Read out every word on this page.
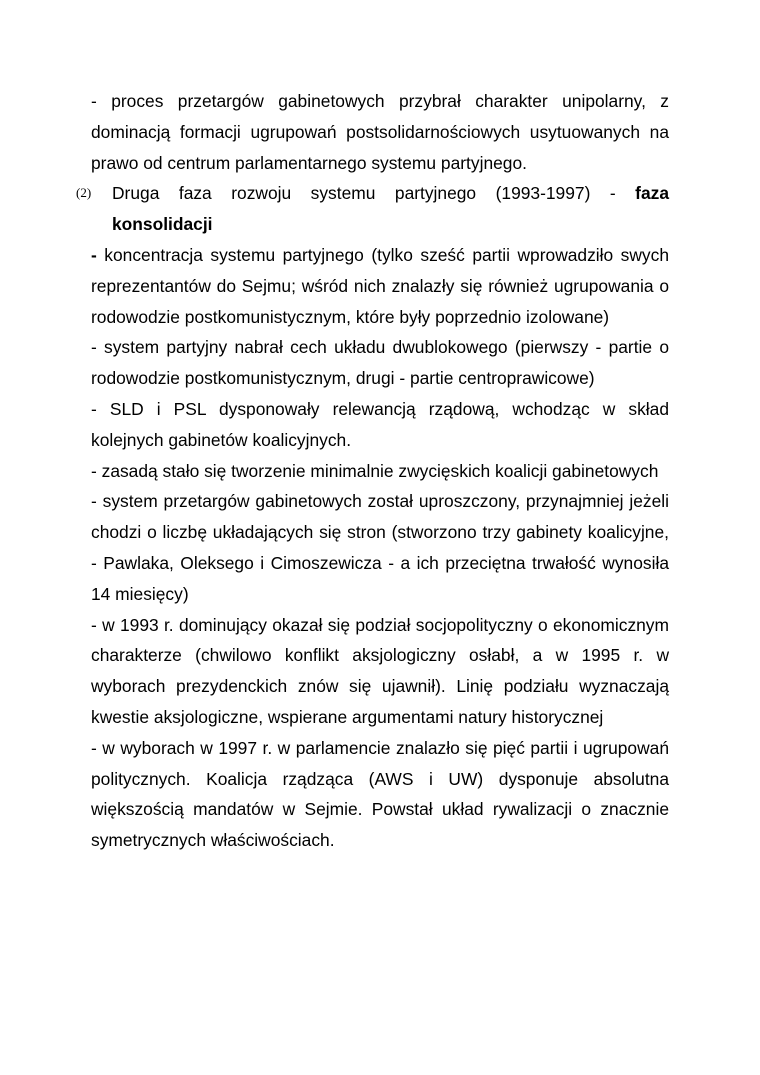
- proces przetargów gabinetowych przybrał charakter unipolarny, z dominacją formacji ugrupowań postsolidarnościowych usytuowanych na prawo od centrum parlamentarnego systemu partyjnego.

(2)	Druga faza rozwoju systemu partyjnego (1993-1997) - faza
konsolidacji

- koncentracja systemu partyjnego (tylko sześć partii wprowadziło swych reprezentantów do Sejmu; wśród nich znalazły się również ugrupowania o rodowodzie postkomunistycznym, które były poprzednio izolowane)

- system partyjny nabrał cech układu dwublokowego (pierwszy - partie o rodowodzie postkomunistycznym, drugi - partie centroprawicowe)

- SLD i PSL dysponowały relewancją rządową, wchodząc w skład kolejnych gabinetów koalicyjnych.

- zasadą stało się tworzenie minimalnie zwycięskich koalicji gabinetowych

- system przetargów gabinetowych został uproszczony, przynajmniej jeżeli chodzi o liczbę układających się stron (stworzono trzy gabinety koalicyjne, - Pawlaka, Oleksego i Cimoszewicza - a ich przeciętna trwałość wynosiła 14 miesięcy)

- w 1993 r. dominujący okazał się podział socjopolityczny o ekonomicznym charakterze (chwilowo konflikt aksjologiczny osłabł, a w 1995 r. w wyborach prezydenckich znów się ujawnił). Linię podziału wyznaczają kwestie aksjologiczne, wspierane argumentami natury historycznej

- w wyborach w 1997 r. w parlamencie znalazło się pięć partii i ugrupowań politycznych. Koalicja rządząca (AWS i UW) dysponuje absolutna większością mandatów w Sejmie. Powstał układ rywalizacji o znacznie symetrycznych właściwościach.
